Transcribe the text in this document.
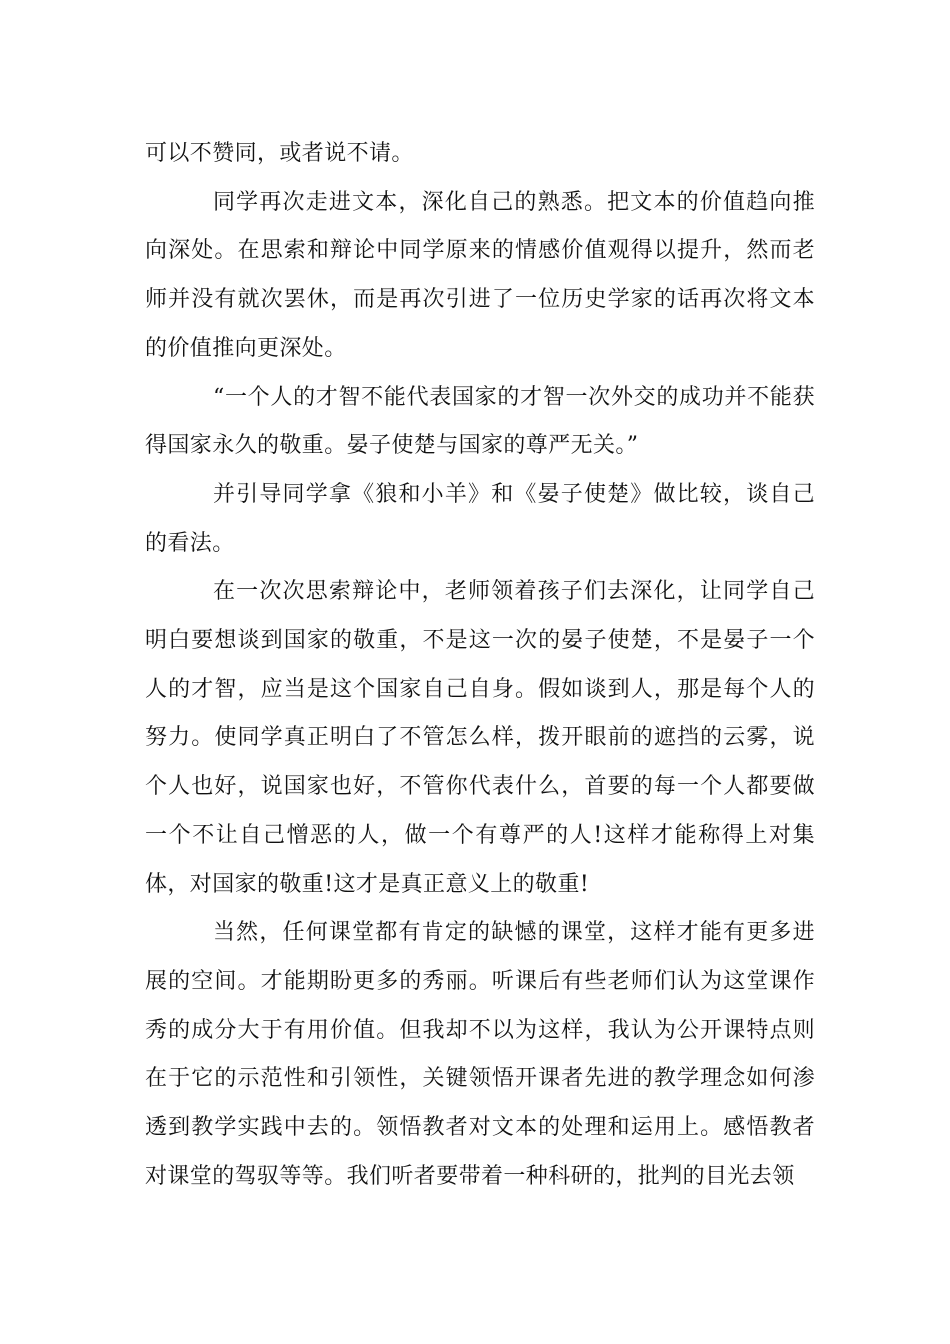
可以不赞同，或者说不请。

同学再次走进文本，深化自己的熟悉。把文本的价值趋向推向深处。在思索和辩论中同学原来的情感价值观得以提升，然而老师并没有就次罢休，而是再次引进了一位历史学家的话再次将文本的价值推向更深处。

“一个人的才智不能代表国家的才智一次外交的成功并不能获得国家永久的敬重。晏子使楚与国家的尊严无关。”

并引导同学拿《狼和小羊》和《晏子使楚》做比较，谈自己的看法。

在一次次思索辩论中，老师领着孩子们去深化，让同学自己明白要想谈到国家的敬重，不是这一次的晏子使楚，不是晏子一个人的才智，应当是这个国家自己自身。假如谈到人，那是每个人的努力。使同学真正明白了不管怎么样，拨开眼前的遮挡的云雾，说个人也好，说国家也好，不管你代表什么，首要的每一个人都要做一个不让自己憎恶的人，做一个有尊严的人!这样才能称得上对集体，对国家的敬重!这才是真正意义上的敬重!

当然，任何课堂都有肯定的缺憾的课堂，这样才能有更多进展的空间。才能期盼更多的秀丽。听课后有些老师们认为这堂课作秀的成分大于有用价值。但我却不以为这样，我认为公开课特点则在于它的示范性和引领性，关键领悟开课者先进的教学理念如何渗透到教学实践中去的。领悟教者对文本的处理和运用上。感悟教者对课堂的驾驭等等。我们听者要带着一种科研的，批判的目光去领
